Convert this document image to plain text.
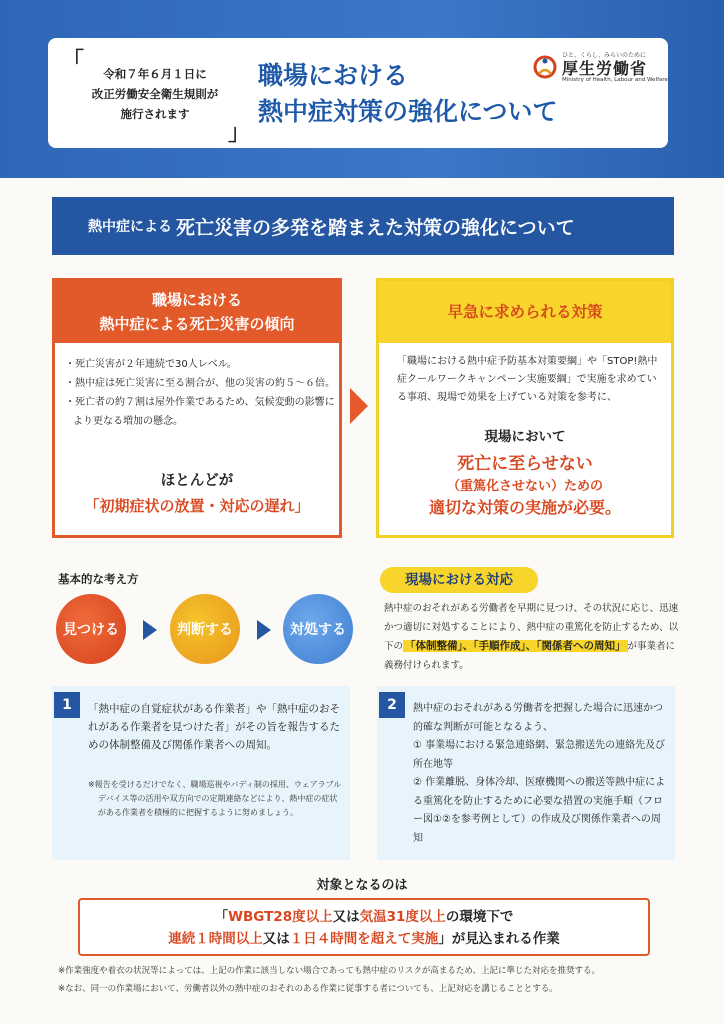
「 令和７年６月１日に
改正労働安全衛生規則が
施行されます
」
職場における
熱中症対策の強化について
ひと、くらし、みらいのために
厚生労働省
Ministry of Health, Labour and Welfare
熱中症による 死亡災害の多発を踏まえた対策の強化について
職場における
熱中症による死亡災害の傾向
・死亡災害が２年連続で30人レベル。
・熱中症は死亡災害に至る割合が、他の災害の約５～６倍。
・死亡者の約７割は屋外作業であるため、気候変動の影響により更なる増加の懸念。
ほとんどが
「初期症状の放置・対応の遅れ」
早急に求められる対策
「職場における熱中症予防基本対策要綱」や「STOP!熱中症クールワークキャンペーン実施要綱」で実施を求めている事項、現場で効果を上げている対策を参考に、
現場において
死亡に至らせない
（重篤化させない）ための
適切な対策の実施が必要。
基本的な考え方
見つける	判断する	対処する
現場における対応
熱中症のおそれがある労働者を早期に見つけ、その状況に応じ、迅速かつ適切に対処することにより、熱中症の重篤化を防止するため、以下の 「体制整備」、「手順作成」、「関係者への周知」 が事業者に義務付けられます。
1	「熱中症の自覚症状がある作業者」や「熱中症のおそれがある作業者を見つけた者」がその旨を報告するための体制整備及び関係作業者への周知。
※報告を受けるだけでなく、職場巡視やバディ制の採用、ウェアラブルデバイス等の活用や双方向での定期連絡などにより、熱中症の症状がある作業者を積極的に把握するように努めましょう。
2	熱中症のおそれがある労働者を把握した場合に迅速かつ的確な判断が可能となるよう、
① 事業場における緊急連絡網、緊急搬送先の連絡先及び所在地等
② 作業離脱、身体冷却、医療機関への搬送等熱中症による重篤化を防止するために必要な措置の実施手順（フロー図①②を参考例として）の作成及び関係作業者への周知
対象となるのは
「WBGT28度以上又は気温31度以上の環境下で
連続１時間以上又は１日４時間を超えて実施」が見込まれる作業
※作業強度や着衣の状況等によっては、上記の作業に該当しない場合であっても熱中症のリスクが高まるため、上記に準じた対応を推奨する。
※なお、同一の作業場において、労働者以外の熱中症のおそれのある作業に従事する者についても、上記対応を講じることとする。
